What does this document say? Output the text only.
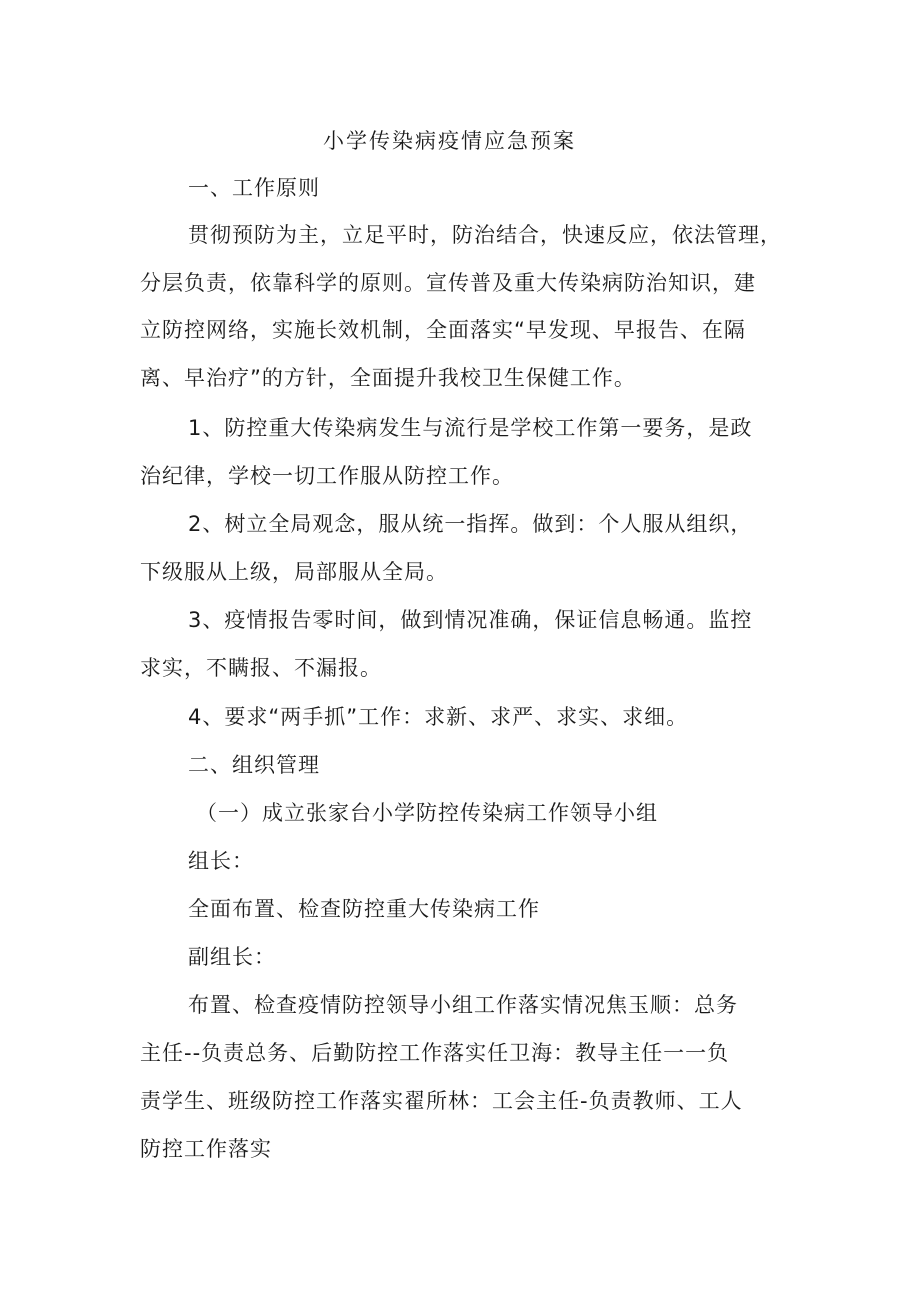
小学传染病疫情应急预案
一、工作原则
贯彻预防为主，立足平时，防治结合，快速反应，依法管理，
分层负责，依靠科学的原则。宣传普及重大传染病防治知识，建
立防控网络，实施长效机制，全面落实“早发现、早报告、在隔
离、早治疗”的方针，全面提升我校卫生保健工作。
1、防控重大传染病发生与流行是学校工作第一要务，是政
治纪律，学校一切工作服从防控工作。
2、树立全局观念，服从统一指挥。做到：个人服从组织，
下级服从上级，局部服从全局。
3、疫情报告零时间，做到情况准确，保证信息畅通。监控
求实，不瞒报、不漏报。
4、要求“两手抓”工作：求新、求严、求实、求细。
二、组织管理
（一）成立张家台小学防控传染病工作领导小组
组长：
全面布置、检查防控重大传染病工作
副组长：
布置、检查疫情防控领导小组工作落实情况焦玉顺：总务
主任--负责总务、后勤防控工作落实任卫海：教导主任一一负
责学生、班级防控工作落实翟所林：工会主任-负责教师、工人
防控工作落实
